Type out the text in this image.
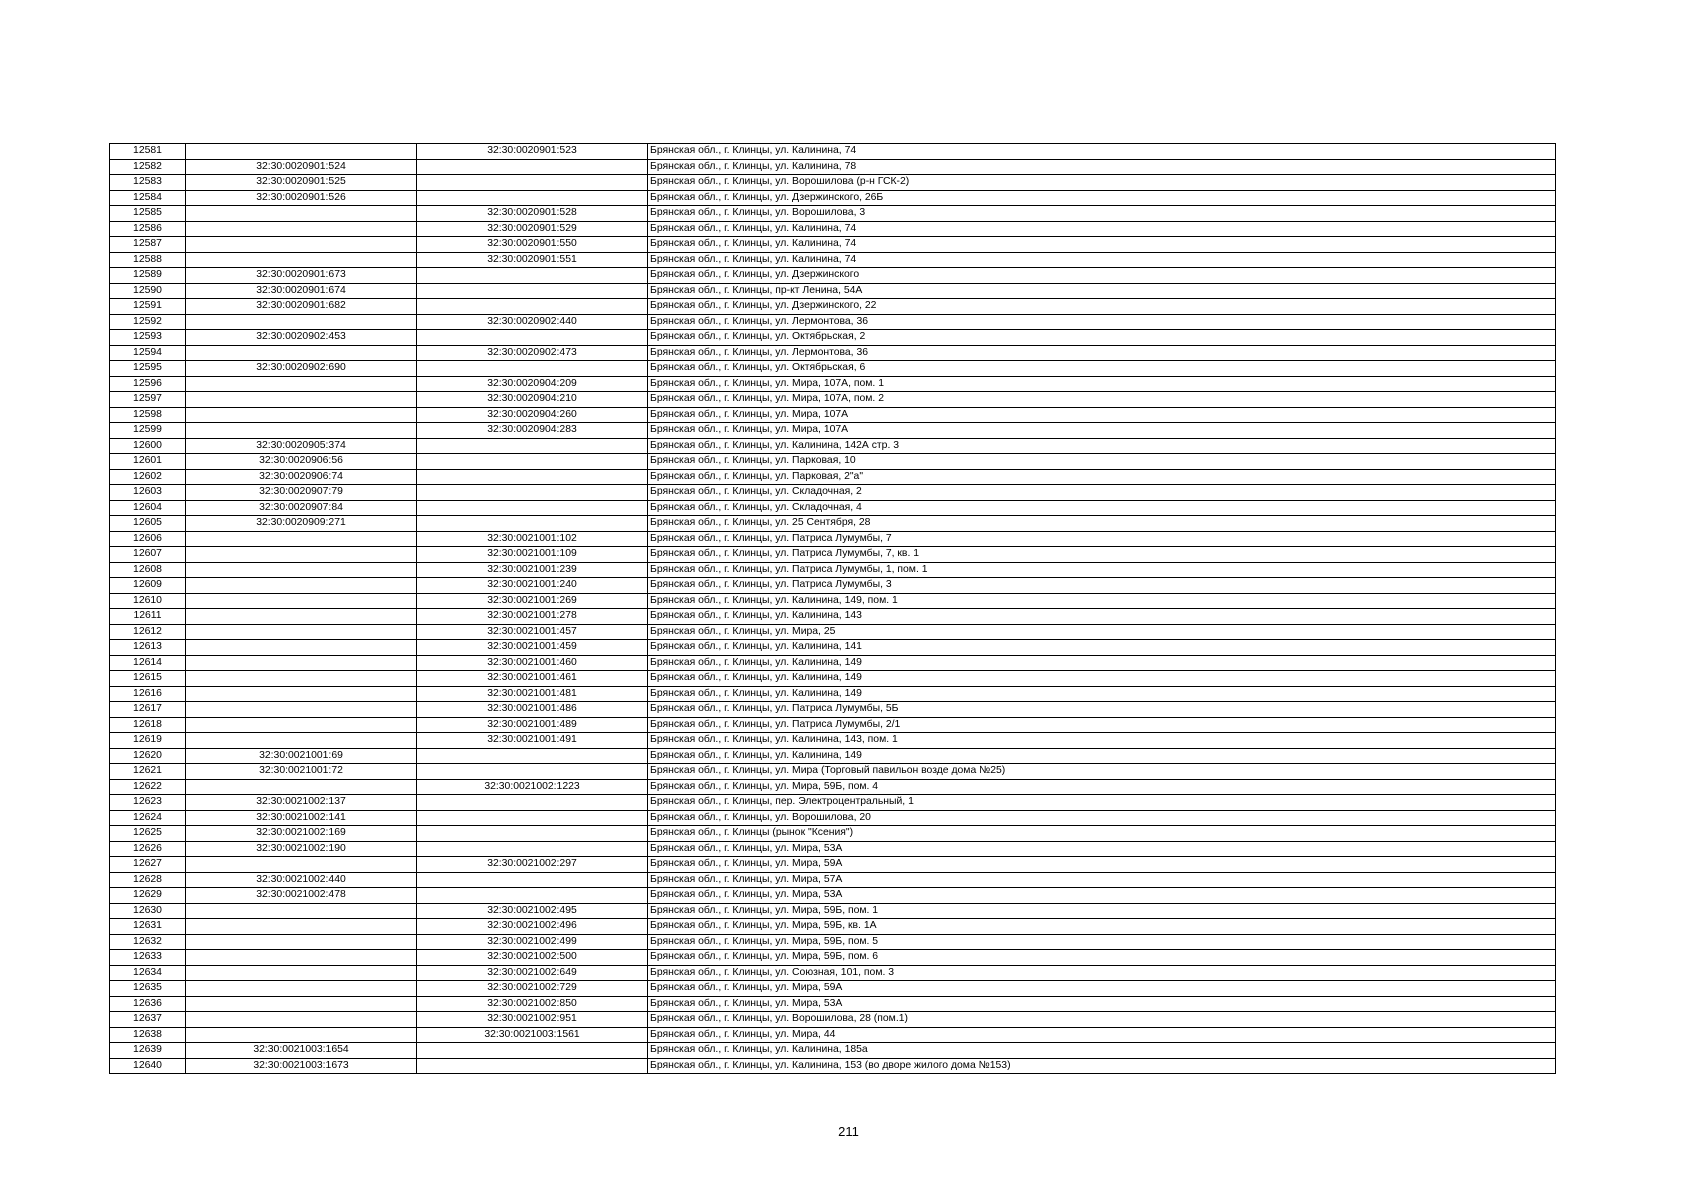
12581		32:30:0020901:523	Брянская обл., г. Клинцы, ул. Калинина, 74
12582	32:30:0020901:524		Брянская обл., г. Клинцы, ул. Калинина, 78
12583	32:30:0020901:525		Брянская обл., г. Клинцы, ул. Ворошилова (р-н ГСК-2)
12584	32:30:0020901:526		Брянская обл., г. Клинцы, ул. Дзержинского, 26Б
12585		32:30:0020901:528	Брянская обл., г. Клинцы, ул. Ворошилова, 3
12586		32:30:0020901:529	Брянская обл., г. Клинцы, ул. Калинина, 74
12587		32:30:0020901:550	Брянская обл., г. Клинцы, ул. Калинина, 74
12588		32:30:0020901:551	Брянская обл., г. Клинцы, ул. Калинина, 74
12589	32:30:0020901:673		Брянская обл., г. Клинцы, ул. Дзержинского
12590	32:30:0020901:674		Брянская обл., г. Клинцы, пр-кт Ленина, 54А
12591	32:30:0020901:682		Брянская обл., г. Клинцы, ул. Дзержинского, 22
12592		32:30:0020902:440	Брянская обл., г. Клинцы, ул. Лермонтова, 36
12593	32:30:0020902:453		Брянская обл., г. Клинцы, ул. Октябрьская, 2
12594		32:30:0020902:473	Брянская обл., г. Клинцы, ул. Лермонтова, 36
12595	32:30:0020902:690		Брянская обл., г. Клинцы, ул. Октябрьская, 6
12596		32:30:0020904:209	Брянская обл., г. Клинцы, ул. Мира, 107А, пом. 1
12597		32:30:0020904:210	Брянская обл., г. Клинцы, ул. Мира, 107А, пом. 2
12598		32:30:0020904:260	Брянская обл., г. Клинцы, ул. Мира, 107А
12599		32:30:0020904:283	Брянская обл., г. Клинцы, ул. Мира, 107А
12600	32:30:0020905:374		Брянская обл., г. Клинцы, ул. Калинина, 142А стр. 3
12601	32:30:0020906:56		Брянская обл., г. Клинцы, ул. Парковая, 10
12602	32:30:0020906:74		Брянская обл., г. Клинцы, ул. Парковая, 2"а"
12603	32:30:0020907:79		Брянская обл., г. Клинцы, ул. Складочная, 2
12604	32:30:0020907:84		Брянская обл., г. Клинцы, ул. Складочная, 4
12605	32:30:0020909:271		Брянская обл., г. Клинцы, ул. 25 Сентября, 28
12606		32:30:0021001:102	Брянская обл., г. Клинцы, ул. Патриса Лумумбы, 7
12607		32:30:0021001:109	Брянская обл., г. Клинцы, ул. Патриса Лумумбы, 7, кв. 1
12608		32:30:0021001:239	Брянская обл., г. Клинцы, ул. Патриса Лумумбы, 1, пом. 1
12609		32:30:0021001:240	Брянская обл., г. Клинцы, ул. Патриса Лумумбы, 3
12610		32:30:0021001:269	Брянская обл., г. Клинцы, ул. Калинина, 149, пом. 1
12611		32:30:0021001:278	Брянская обл., г. Клинцы, ул. Калинина, 143
12612		32:30:0021001:457	Брянская обл., г. Клинцы, ул. Мира, 25
12613		32:30:0021001:459	Брянская обл., г. Клинцы, ул. Калинина, 141
12614		32:30:0021001:460	Брянская обл., г. Клинцы, ул. Калинина, 149
12615		32:30:0021001:461	Брянская обл., г. Клинцы, ул. Калинина, 149
12616		32:30:0021001:481	Брянская обл., г. Клинцы, ул. Калинина, 149
12617		32:30:0021001:486	Брянская обл., г. Клинцы, ул. Патриса Лумумбы, 5Б
12618		32:30:0021001:489	Брянская обл., г. Клинцы, ул. Патриса Лумумбы, 2/1
12619		32:30:0021001:491	Брянская обл., г. Клинцы, ул. Калинина, 143, пом. 1
12620	32:30:0021001:69		Брянская обл., г. Клинцы, ул. Калинина, 149
12621	32:30:0021001:72		Брянская обл., г. Клинцы, ул. Мира (Торговый павильон возде дома №25)
12622		32:30:0021002:1223	Брянская обл., г. Клинцы, ул. Мира, 59Б, пом. 4
12623	32:30:0021002:137		Брянская обл., г. Клинцы, пер. Электроцентральный, 1
12624	32:30:0021002:141		Брянская обл., г. Клинцы, ул. Ворошилова, 20
12625	32:30:0021002:169		Брянская обл., г. Клинцы (рынок "Ксения")
12626	32:30:0021002:190		Брянская обл., г. Клинцы, ул. Мира, 53А
12627		32:30:0021002:297	Брянская обл., г. Клинцы, ул. Мира, 59А
12628	32:30:0021002:440		Брянская обл., г. Клинцы, ул. Мира, 57А
12629	32:30:0021002:478		Брянская обл., г. Клинцы, ул. Мира, 53А
12630		32:30:0021002:495	Брянская обл., г. Клинцы, ул. Мира, 59Б, пом. 1
12631		32:30:0021002:496	Брянская обл., г. Клинцы, ул. Мира, 59Б, кв. 1А
12632		32:30:0021002:499	Брянская обл., г. Клинцы, ул. Мира, 59Б, пом. 5
12633		32:30:0021002:500	Брянская обл., г. Клинцы, ул. Мира, 59Б, пом. 6
12634		32:30:0021002:649	Брянская обл., г. Клинцы, ул. Союзная, 101, пом. 3
12635		32:30:0021002:729	Брянская обл., г. Клинцы, ул. Мира, 59А
12636		32:30:0021002:850	Брянская обл., г. Клинцы, ул. Мира, 53А
12637		32:30:0021002:951	Брянская обл., г. Клинцы, ул. Ворошилова, 28 (пом.1)
12638		32:30:0021003:1561	Брянская обл., г. Клинцы, ул. Мира, 44
12639	32:30:0021003:1654		Брянская обл., г. Клинцы, ул. Калинина, 185а
12640	32:30:0021003:1673		Брянская обл., г. Клинцы, ул. Калинина, 153 (во дворе жилого дома №153)
211
